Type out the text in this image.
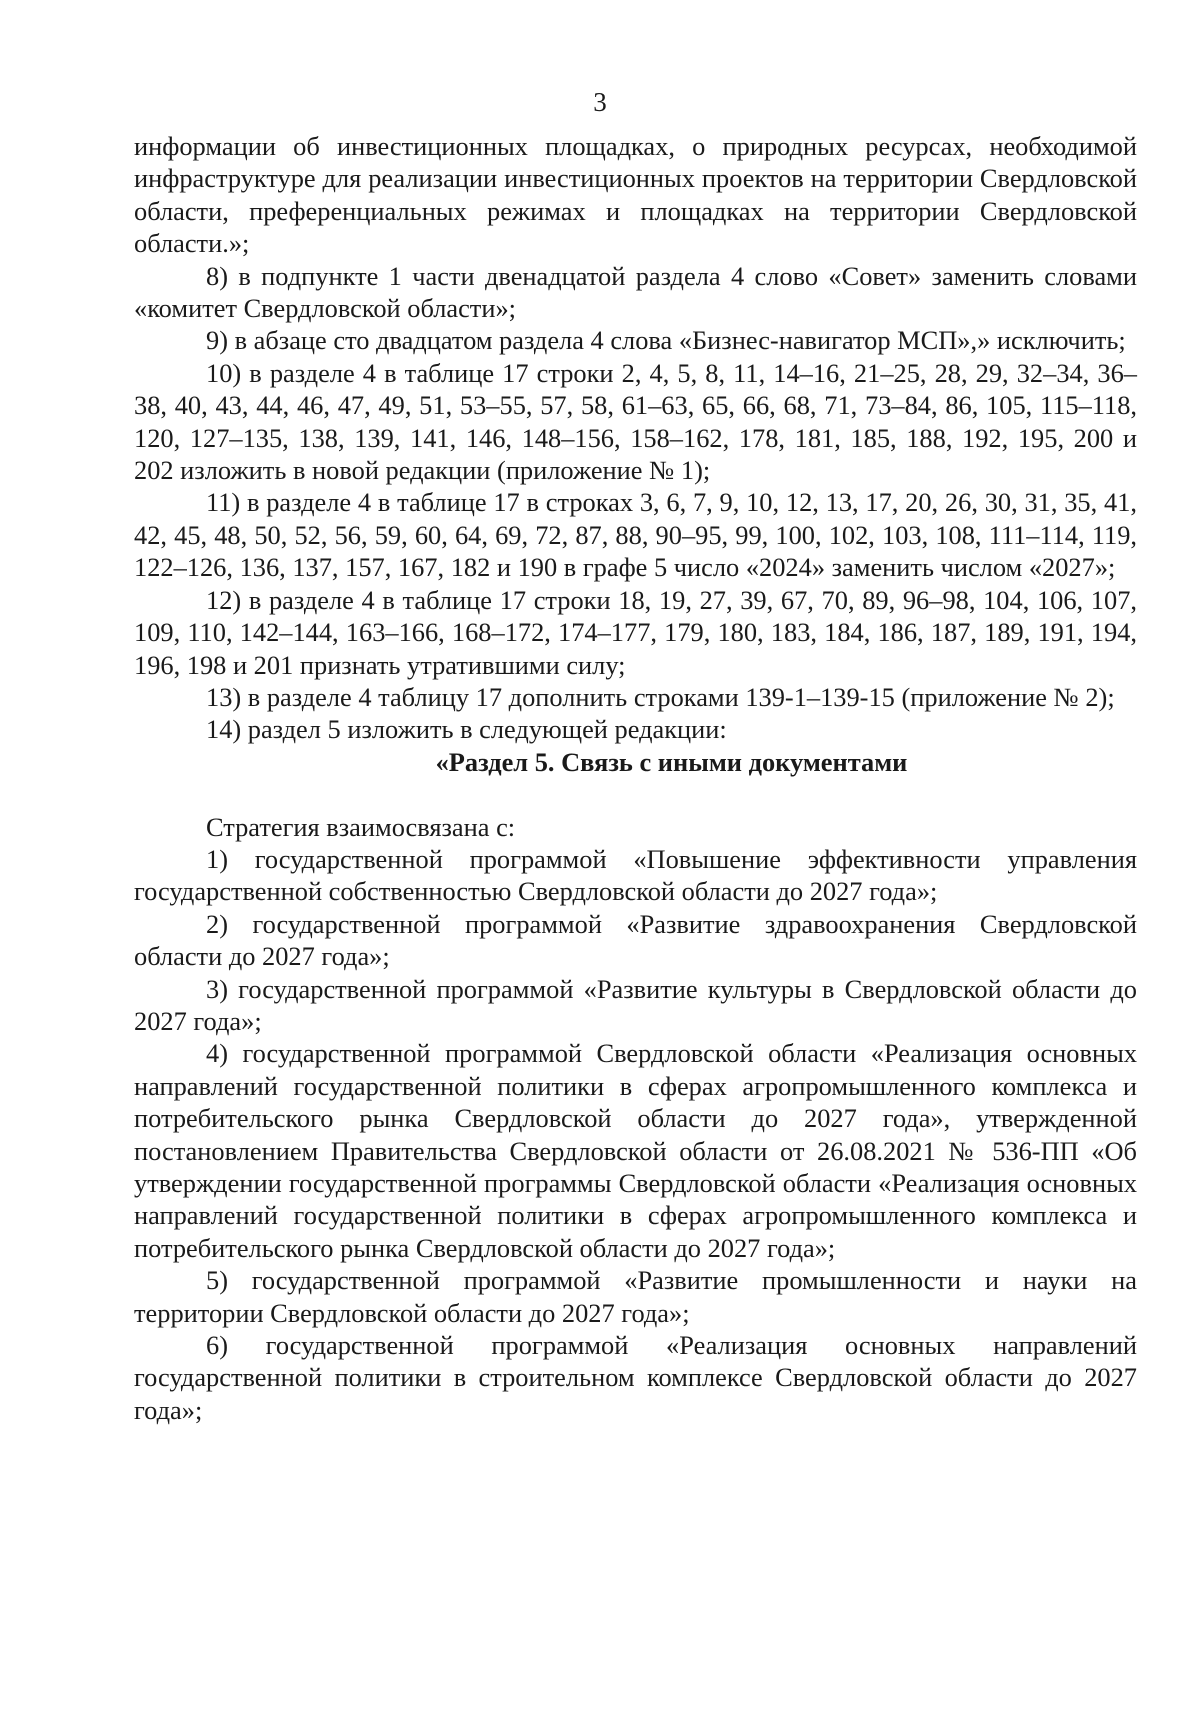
3

информации об инвестиционных площадках, о природных ресурсах, необходимой инфраструктуре для реализации инвестиционных проектов на территории Свердловской области, преференциальных режимах и площадках на территории Свердловской области.»;

8) в подпункте 1 части двенадцатой раздела 4 слово «Совет» заменить словами «комитет Свердловской области»;

9) в абзаце сто двадцатом раздела 4 слова «Бизнес-навигатор МСП»,» исключить;

10) в разделе 4 в таблице 17 строки 2, 4, 5, 8, 11, 14–16, 21–25, 28, 29, 32–34, 36–38, 40, 43, 44, 46, 47, 49, 51, 53–55, 57, 58, 61–63, 65, 66, 68, 71, 73–84, 86, 105, 115–118, 120, 127–135, 138, 139, 141, 146, 148–156, 158–162, 178, 181, 185, 188, 192, 195, 200 и 202 изложить в новой редакции (приложение № 1);

11) в разделе 4 в таблице 17 в строках 3, 6, 7, 9, 10, 12, 13, 17, 20, 26, 30, 31, 35, 41, 42, 45, 48, 50, 52, 56, 59, 60, 64, 69, 72, 87, 88, 90–95, 99, 100, 102, 103, 108, 111–114, 119, 122–126, 136, 137, 157, 167, 182 и 190 в графе 5 число «2024» заменить числом «2027»;

12) в разделе 4 в таблице 17 строки 18, 19, 27, 39, 67, 70, 89, 96–98, 104, 106, 107, 109, 110, 142–144, 163–166, 168–172, 174–177, 179, 180, 183, 184, 186, 187, 189, 191, 194, 196, 198 и 201 признать утратившими силу;

13) в разделе 4 таблицу 17 дополнить строками 139-1–139-15 (приложение № 2);

14) раздел 5 изложить в следующей редакции:

«Раздел 5. Связь с иными документами

Стратегия взаимосвязана с:

1) государственной программой «Повышение эффективности управления государственной собственностью Свердловской области до 2027 года»;

2) государственной программой «Развитие здравоохранения Свердловской области до 2027 года»;

3) государственной программой «Развитие культуры в Свердловской области до 2027 года»;

4) государственной программой Свердловской области «Реализация основных направлений государственной политики в сферах агропромышленного комплекса и потребительского рынка Свердловской области до 2027 года», утвержденной постановлением Правительства Свердловской области от 26.08.2021 № 536-ПП «Об утверждении государственной программы Свердловской области «Реализация основных направлений государственной политики в сферах агропромышленного комплекса и потребительского рынка Свердловской области до 2027 года»;

5) государственной программой «Развитие промышленности и науки на территории Свердловской области до 2027 года»;

6) государственной программой «Реализация основных направлений государственной политики в строительном комплексе Свердловской области до 2027 года»;
